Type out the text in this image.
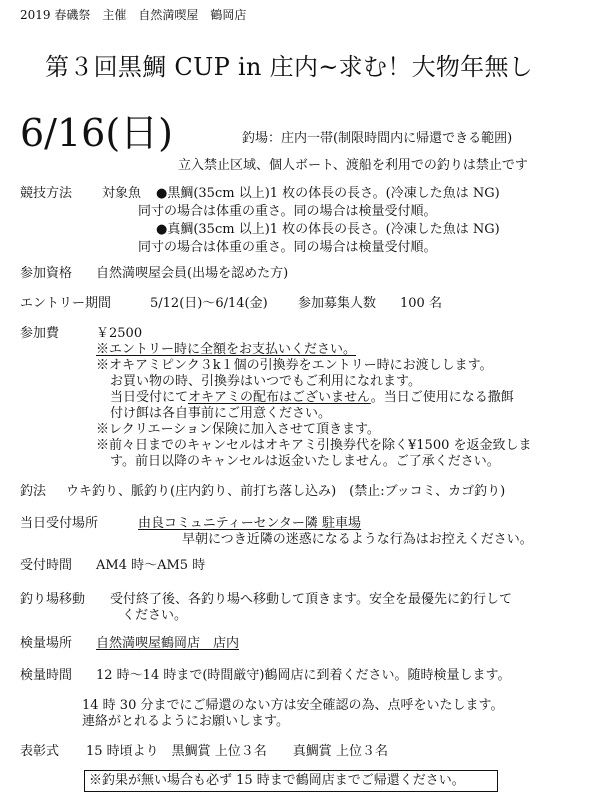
2019 春磯祭　主催　自然満喫屋　鶴岡店
第３回黒鯛 CUP in 庄内~求む！大物年無し
6/16(日)	釣場：庄内一帯(制限時間内に帰還できる範囲)
立入禁止区域、個人ボート、渡船を利用での釣りは禁止です
競技方法 対象魚 ●黒鯛(35cm 以上)1 枚の体長の長さ。(冷凍した魚は NG)
同寸の場合は体重の重さ。同の場合は検量受付順。
●真鯛(35cm 以上)1 枚の体長の長さ。(冷凍した魚は NG)
同寸の場合は体重の重さ。同の場合は検量受付順。
参加資格 自然満喫屋会員(出場を認めた方)
エントリー期間	5/12(日)〜6/14(金) 参加募集人数 100 名
参加費	￥2500
※エントリー時に全額をお支払いください。
※オキアミピンク３k１個の引換券をエントリー時にお渡しします。
お買い物の時、引換券はいつでもご利用になれます。
当日受付にてオキアミの配布はございません。当日ご使用になる撒餌
付け餌は各自事前にご用意ください。
※レクリエーション保険に加入させて頂きます。
※前々日までのキャンセルはオキアミ引換券代を除く¥1500 を返金致しま
す。前日以降のキャンセルは返金いたしません。ご了承ください。
釣法 ウキ釣り、脈釣り(庄内釣り、前打ち落し込み)　(禁止:ブッコミ、カゴ釣り)
当日受付場所	由良コミュニティーセンター隣 駐車場
早朝につき近隣の迷惑になるような行為はお控えください。
受付時間 AM4 時〜AM5 時
釣り場移動 受付終了後、各釣り場へ移動して頂きます。安全を最優先に釣行して
ください。
検量場所 自然満喫屋鶴岡店　店内
検量時間 12 時〜14 時まで(時間厳守)鶴岡店に到着ください。随時検量します。
14 時 30 分までにご帰還のない方は安全確認の為、点呼をいたします。
連絡がとれるようにお願いします。
表彰式 15 時頃より　黒鯛賞 上位３名　　真鯛賞 上位３名
※釣果が無い場合も必ず 15 時まで鶴岡店までご帰還ください。
